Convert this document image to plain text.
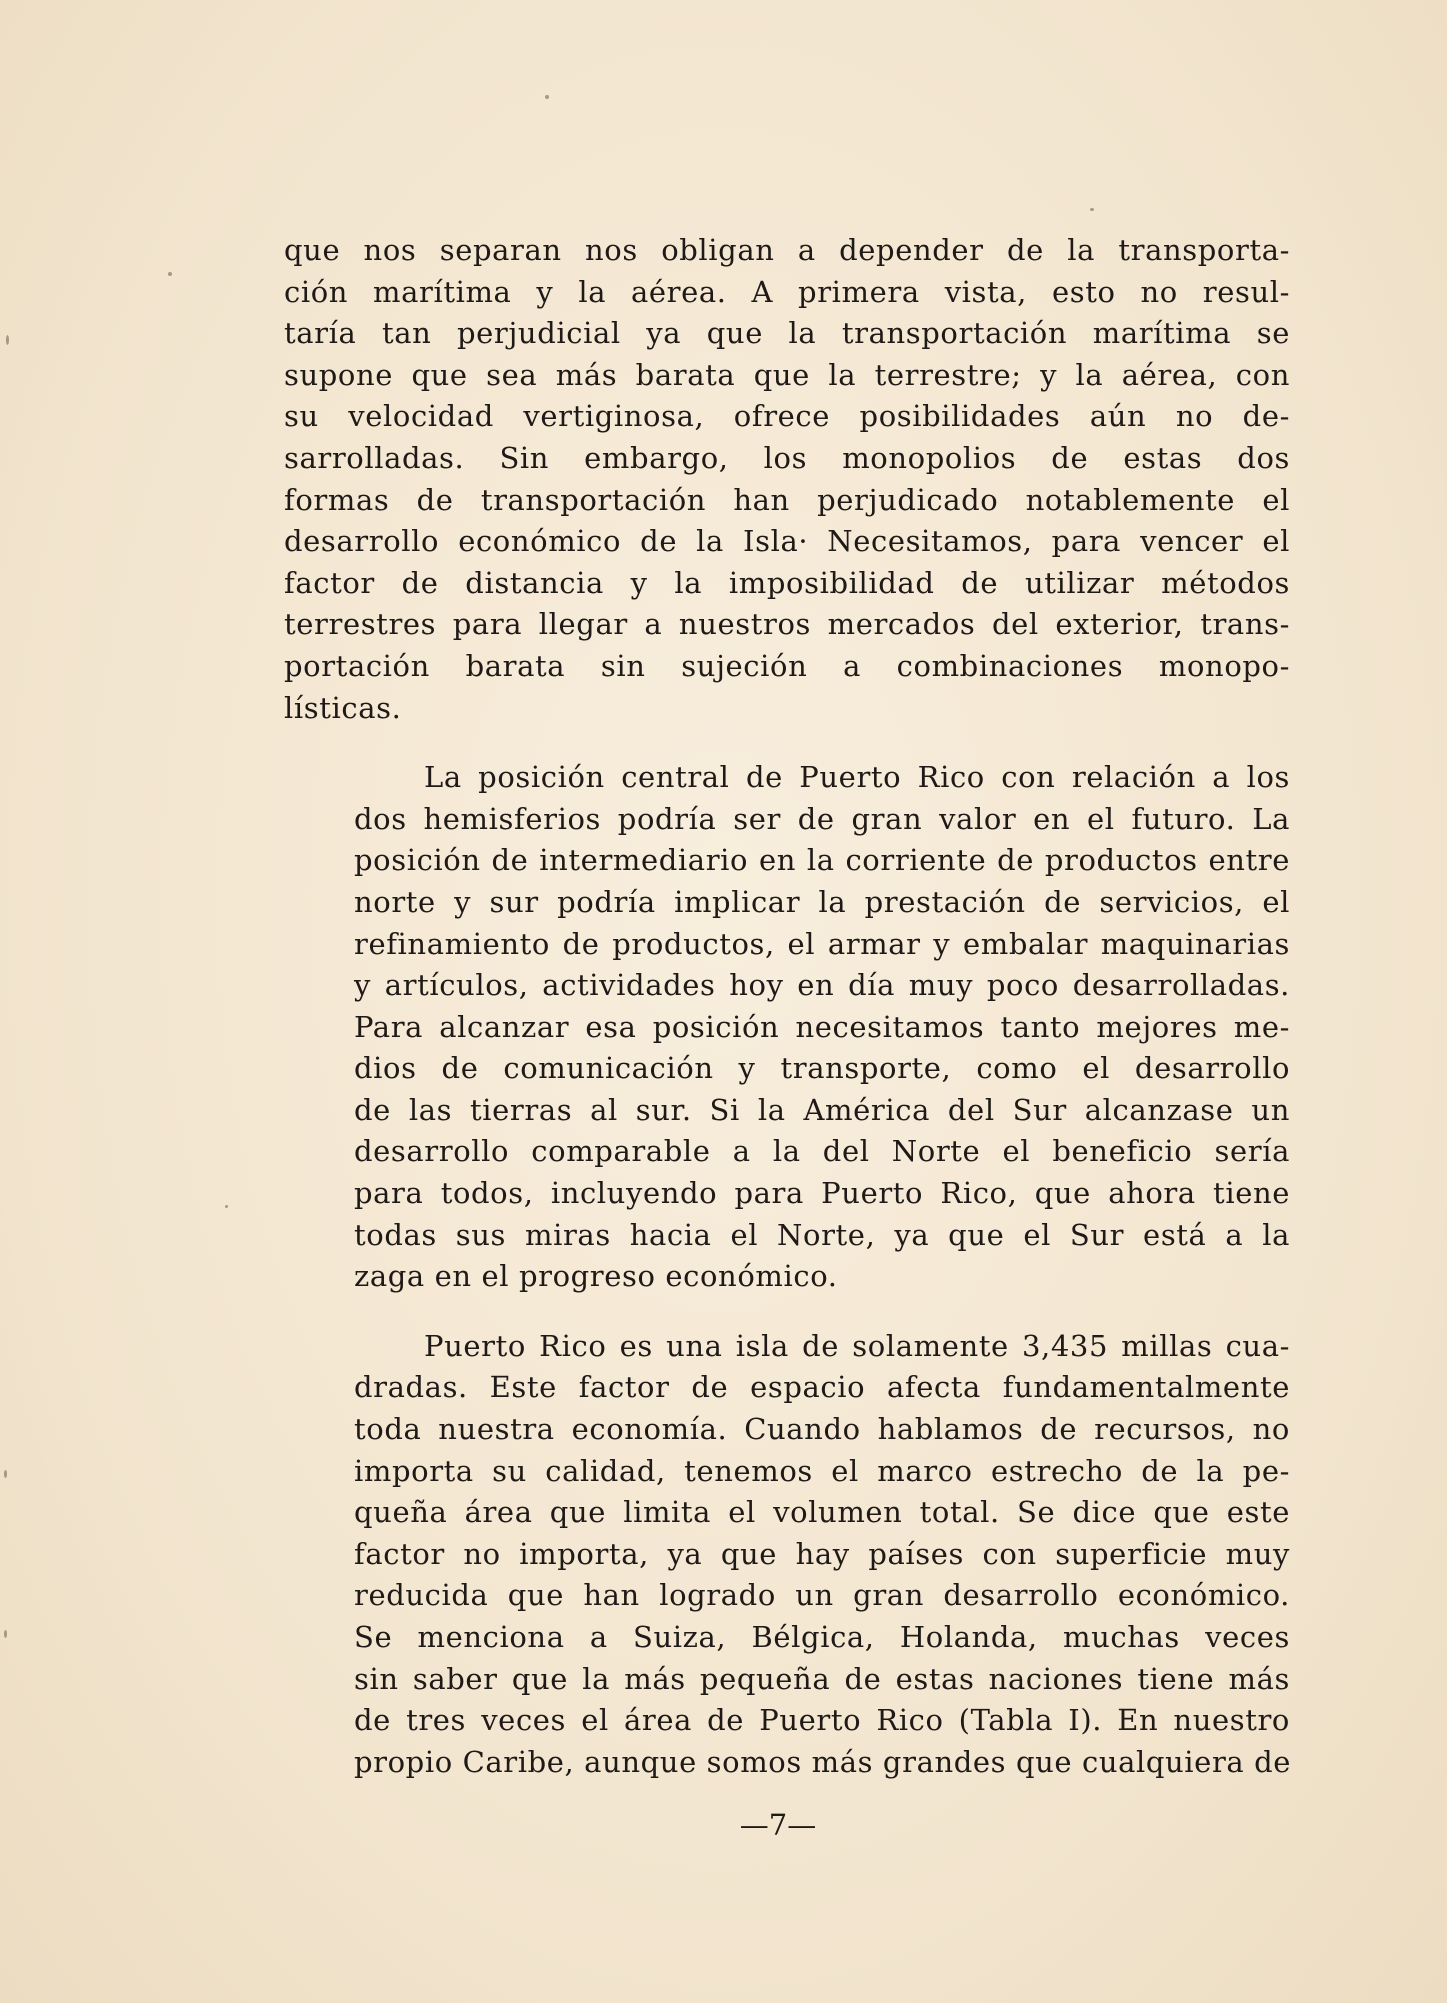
que nos separan nos obligan a depender de la transporta-
ción marítima y la aérea. A primera vista, esto no resul-
taría tan perjudicial ya que la transportación marítima se
supone que sea más barata que la terrestre; y la aérea, con
su velocidad vertiginosa, ofrece posibilidades aún no de-
sarrolladas. Sin embargo, los monopolios de estas dos
formas de transportación han perjudicado notablemente el
desarrollo económico de la Isla· Necesitamos, para vencer el
factor de distancia y la imposibilidad de utilizar métodos
terrestres para llegar a nuestros mercados del exterior, trans-
portación barata sin sujeción a combinaciones monopo-
lísticas.
La posición central de Puerto Rico con relación a los
dos hemisferios podría ser de gran valor en el futuro. La
posición de intermediario en la corriente de productos entre
norte y sur podría implicar la prestación de servicios, el
refinamiento de productos, el armar y embalar maquinarias
y artículos, actividades hoy en día muy poco desarrolladas.
Para alcanzar esa posición necesitamos tanto mejores me-
dios de comunicación y transporte, como el desarrollo
de las tierras al sur. Si la América del Sur alcanzase un
desarrollo comparable a la del Norte el beneficio sería
para todos, incluyendo para Puerto Rico, que ahora tiene
todas sus miras hacia el Norte, ya que el Sur está a la
zaga en el progreso económico.
Puerto Rico es una isla de solamente 3,435 millas cua-
dradas. Este factor de espacio afecta fundamentalmente
toda nuestra economía. Cuando hablamos de recursos, no
importa su calidad, tenemos el marco estrecho de la pe-
queña área que limita el volumen total. Se dice que este
factor no importa, ya que hay países con superficie muy
reducida que han logrado un gran desarrollo económico.
Se menciona a Suiza, Bélgica, Holanda, muchas veces
sin saber que la más pequeña de estas naciones tiene más
de tres veces el área de Puerto Rico (Tabla I). En nuestro
propio Caribe, aunque somos más grandes que cualquiera de
—7—
